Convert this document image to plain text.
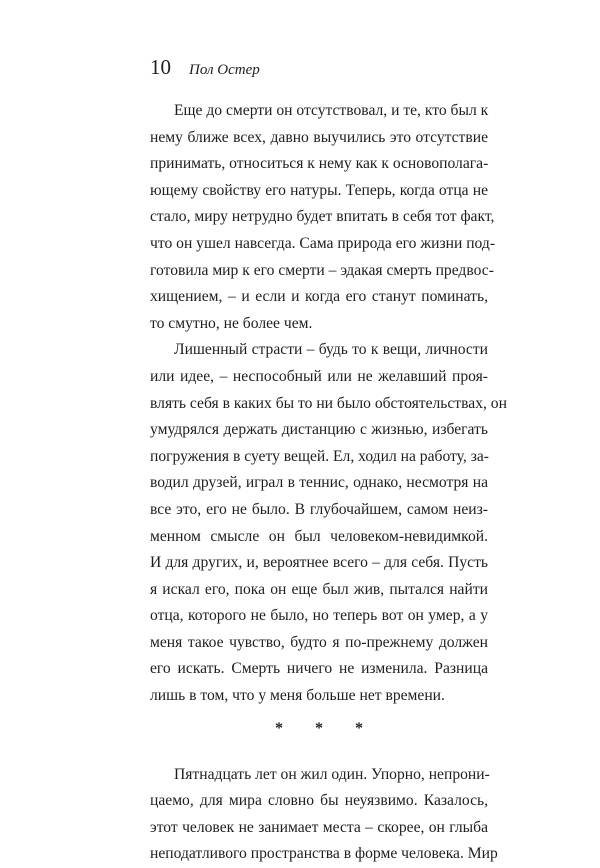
10 Пол Остер
Еще до смерти он отсутствовал, и те, кто был к
нему ближе всех, давно выучились это отсутствие
принимать, относиться к нему как к основополага-
ющему свойству его натуры. Теперь, когда отца не
стало, миру нетрудно будет впитать в себя тот факт,
что он ушел навсегда. Сама природа его жизни под-
готовила мир к его смерти – эдакая смерть предвос-
хищением, – и если и когда его станут поминать,
то смутно, не более чем.
Лишенный страсти – будь то к вещи, личности
или идее, – неспособный или не желавший проя-
влять себя в каких бы то ни было обстоятельствах, он
умудрялся держать дистанцию с жизнью, избегать
погружения в суету вещей. Ел, ходил на работу, за-
водил друзей, играл в теннис, однако, несмотря на
все это, его не было. В глубочайшем, самом неиз-
менном смысле он был человеком-невидимкой.
И для других, и, вероятнее всего – для себя. Пусть
я искал его, пока он еще был жив, пытался найти
отца, которого не было, но теперь вот он умер, а у
меня такое чувство, будто я по-прежнему должен
его искать. Смерть ничего не изменила. Разница
лишь в том, что у меня больше нет времени.
* * *
Пятнадцать лет он жил один. Упорно, непрони-
цаемо, для мира словно бы неуязвимо. Казалось,
этот человек не занимает места – скорее, он глыба
неподатливого пространства в форме человека. Мир
